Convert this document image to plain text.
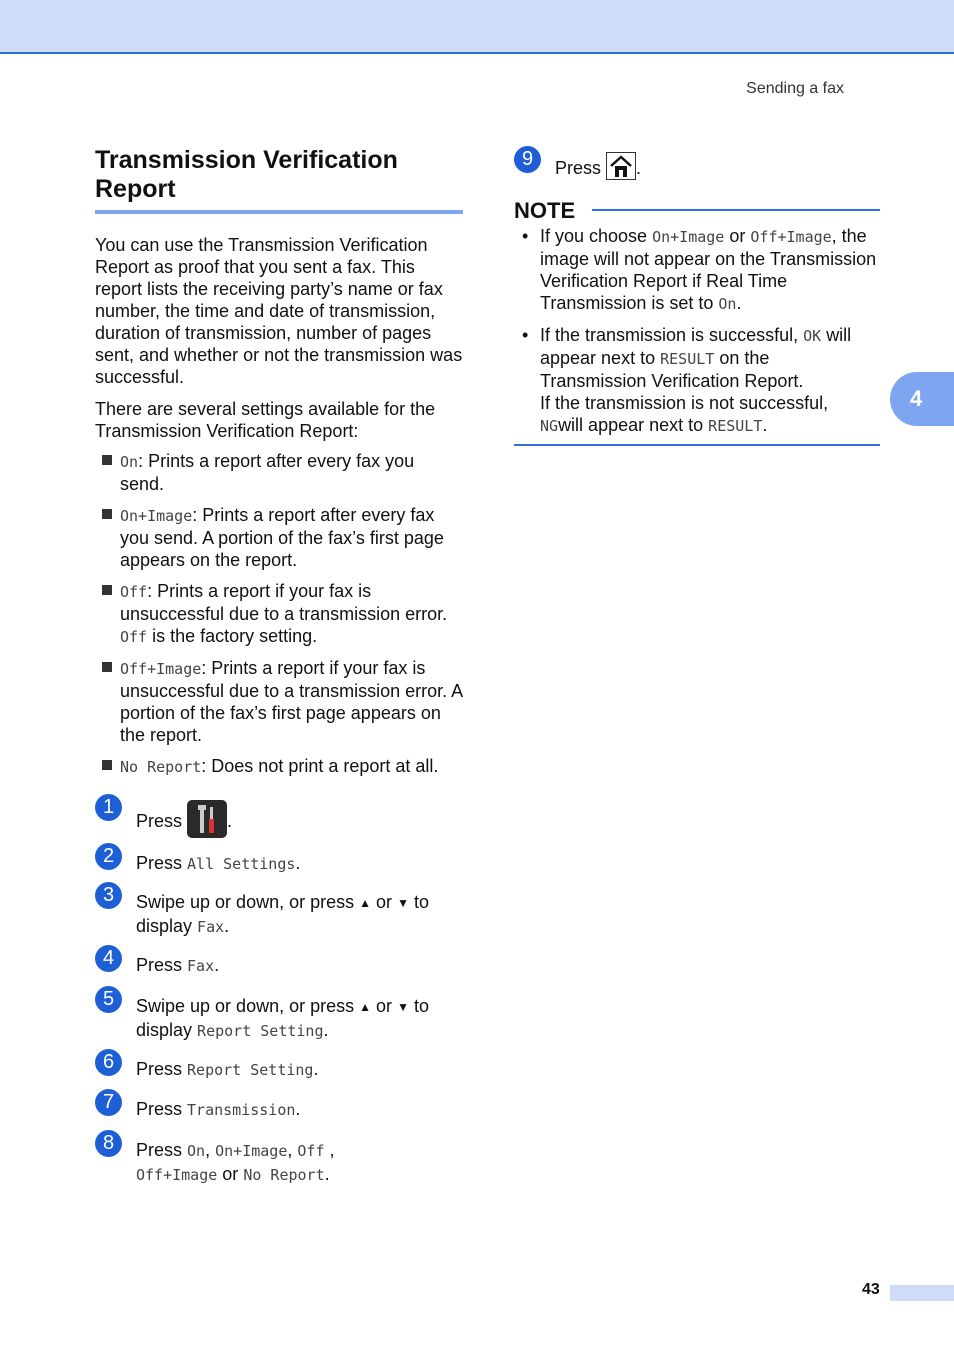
Sending a fax
Transmission Verification
Report

You can use the Transmission Verification Report as proof that you sent a fax. This report lists the receiving party’s name or fax number, the time and date of transmission, duration of transmission, number of pages sent, and whether or not the transmission was successful.

There are several settings available for the Transmission Verification Report:

On: Prints a report after every fax you send.
On+Image: Prints a report after every fax you send. A portion of the fax’s first page appears on the report.
Off: Prints a report if your fax is unsuccessful due to a transmission error. Off is the factory setting.
Off+Image: Prints a report if your fax is unsuccessful due to a transmission error. A portion of the fax’s first page appears on the report.
No Report: Does not print a report at all.
1
Press	.
2	Press All Settings.
3	Swipe up or down, or press ▲ or ▼ to
display Fax.
4	Press Fax.
5	Swipe up or down, or press ▲ or ▼ to
display Report Setting.
6	Press Report Setting.
7	Press Transmission.
8	Press On, On+Image, Off ,
Off+Image or No Report.
9	Press .
NOTE
• If you choose On+Image or Off+Image, the image will not appear on the Transmission Verification Report if Real Time Transmission is set to On.
• If the transmission is successful, OK will appear next to RESULT on the Transmission Verification Report.
If the transmission is not successful,
NGwill appear next to RESULT.
4
43
